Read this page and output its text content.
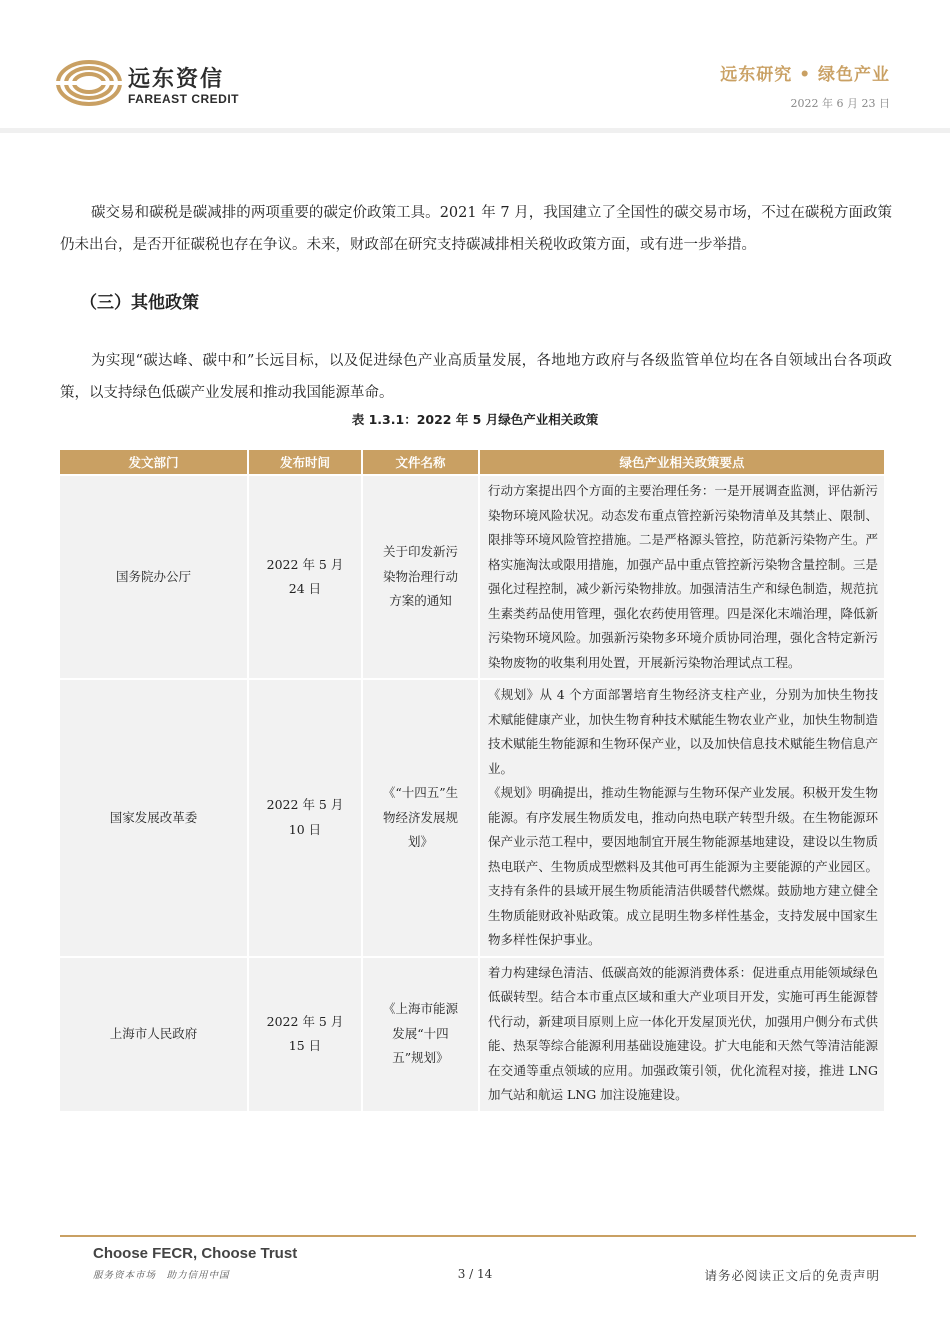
远东资信
FAREAST CREDIT
远东研究 • 绿色产业
2022 年 6 月 23 日

碳交易和碳税是碳减排的两项重要的碳定价政策工具。2021 年 7 月，我国建立了全国性的碳交易市场，不过在碳税方面政策仍未出台，是否开征碳税也存在争议。未来，财政部在研究支持碳减排相关税收政策方面，或有进一步举措。

（三）其他政策

为实现“碳达峰、碳中和”长远目标，以及促进绿色产业高质量发展，各地地方政府与各级监管单位均在各自领域出台各项政策，以支持绿色低碳产业发展和推动我国能源革命。

表 1.3.1：2022 年 5 月绿色产业相关政策
发文部门	发布时间	文件名称	绿色产业相关政策要点
国务院办公厅	2022 年 5 月 24 日	关于印发新污染物治理行动方案的通知	行动方案提出四个方面的主要治理任务：一是开展调查监测，评估新污染物环境风险状况。动态发布重点管控新污染物清单及其禁止、限制、限排等环境风险管控措施。二是严格源头管控，防范新污染物产生。严格实施淘汰或限用措施，加强产品中重点管控新污染物含量控制。三是强化过程控制，减少新污染物排放。加强清洁生产和绿色制造，规范抗生素类药品使用管理，强化农药使用管理。四是深化末端治理，降低新污染物环境风险。加强新污染物多环境介质协同治理，强化含特定新污染物废物的收集利用处置，开展新污染物治理试点工程。
国家发展改革委	2022 年 5 月 10 日	《“十四五”生物经济发展规划》	《规划》从 4 个方面部署培育生物经济支柱产业，分别为加快生物技术赋能健康产业，加快生物育种技术赋能生物农业产业，加快生物制造技术赋能生物能源和生物环保产业，以及加快信息技术赋能生物信息产业。
《规划》明确提出，推动生物能源与生物环保产业发展。积极开发生物能源。有序发展生物质发电，推动向热电联产转型升级。在生物能源环保产业示范工程中，要因地制宜开展生物能源基地建设，建设以生物质热电联产、生物质成型燃料及其他可再生能源为主要能源的产业园区。支持有条件的县域开展生物质能清洁供暖替代燃煤。鼓励地方建立健全生物质能财政补贴政策。成立昆明生物多样性基金，支持发展中国家生物多样性保护事业。

上海市人民政府	2022 年 5 月 15 日	《上海市能源发展“十四五”规划》	着力构建绿色清洁、低碳高效的能源消费体系：促进重点用能领域绿色低碳转型。结合本市重点区域和重大产业项目开发，实施可再生能源替代行动，新建项目原则上应一体化开发屋顶光伏，加强用户侧分布式供能、热泵等综合能源利用基础设施建设。扩大电能和天然气等清洁能源在交通等重点领域的应用。加强政策引领，优化流程对接，推进 LNG 加气站和航运 LNG 加注设施建设。
Choose FECR, Choose Trust
服务资本市场　助力信用中国	3 / 14	请务必阅读正文后的免责声明
